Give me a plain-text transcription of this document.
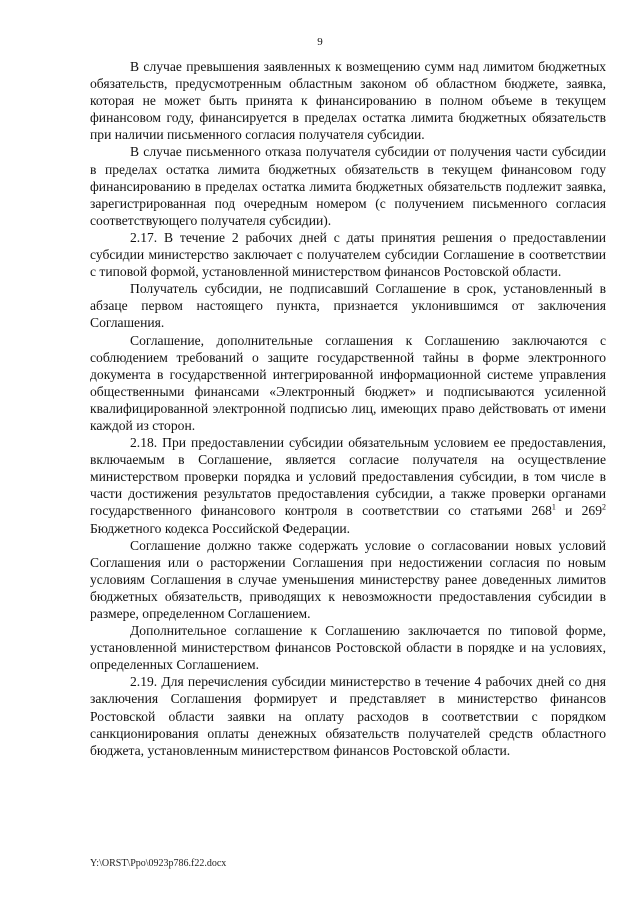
9

В случае превышения заявленных к возмещению сумм над лимитом бюджетных обязательств, предусмотренным областным законом об областном бюджете, заявка, которая не может быть принята к финансированию в полном объеме в текущем финансовом году, финансируется в пределах остатка лимита бюджетных обязательств при наличии письменного согласия получателя субсидии.

В случае письменного отказа получателя субсидии от получения части субсидии в пределах остатка лимита бюджетных обязательств в текущем финансовом году финансированию в пределах остатка лимита бюджетных обязательств подлежит заявка, зарегистрированная под очередным номером (с получением письменного согласия соответствующего получателя субсидии).

2.17. В течение 2 рабочих дней с даты принятия решения о предоставлении субсидии министерство заключает с получателем субсидии Соглашение в соответствии с типовой формой, установленной министерством финансов Ростовской области.

Получатель субсидии, не подписавший Соглашение в срок, установленный в абзаце первом настоящего пункта, признается уклонившимся от заключения Соглашения.

Соглашение, дополнительные соглашения к Соглашению заключаются с соблюдением требований о защите государственной тайны в форме электронного документа в государственной интегрированной информационной системе управления общественными финансами «Электронный бюджет» и подписываются усиленной квалифицированной электронной подписью лиц, имеющих право действовать от имени каждой из сторон.

2.18. При предоставлении субсидии обязательным условием ее предоставления, включаемым в Соглашение, является согласие получателя на осуществление министерством проверки порядка и условий предоставления субсидии, в том числе в части достижения результатов предоставления субсидии, а также проверки органами государственного финансового контроля в соответствии со статьями $268^1$ и $269^2$ Бюджетного кодекса Российской Федерации.

Соглашение должно также содержать условие о согласовании новых условий Соглашения или о расторжении Соглашения при недостижении согласия по новым условиям Соглашения в случае уменьшения министерству ранее доведенных лимитов бюджетных обязательств, приводящих к невозможности предоставления субсидии в размере, определенном Соглашением.

Дополнительное соглашение к Соглашению заключается по типовой форме, установленной министерством финансов Ростовской области в порядке и на условиях, определенных Соглашением.

2.19. Для перечисления субсидии министерство в течение 4 рабочих дней со дня заключения Соглашения формирует и представляет в министерство финансов Ростовской области заявки на оплату расходов в соответствии с порядком санкционирования оплаты денежных обязательств получателей средств областного бюджета, установленным министерством финансов Ростовской области.

Y:\ORST\Ppo\0923p786.f22.docx
